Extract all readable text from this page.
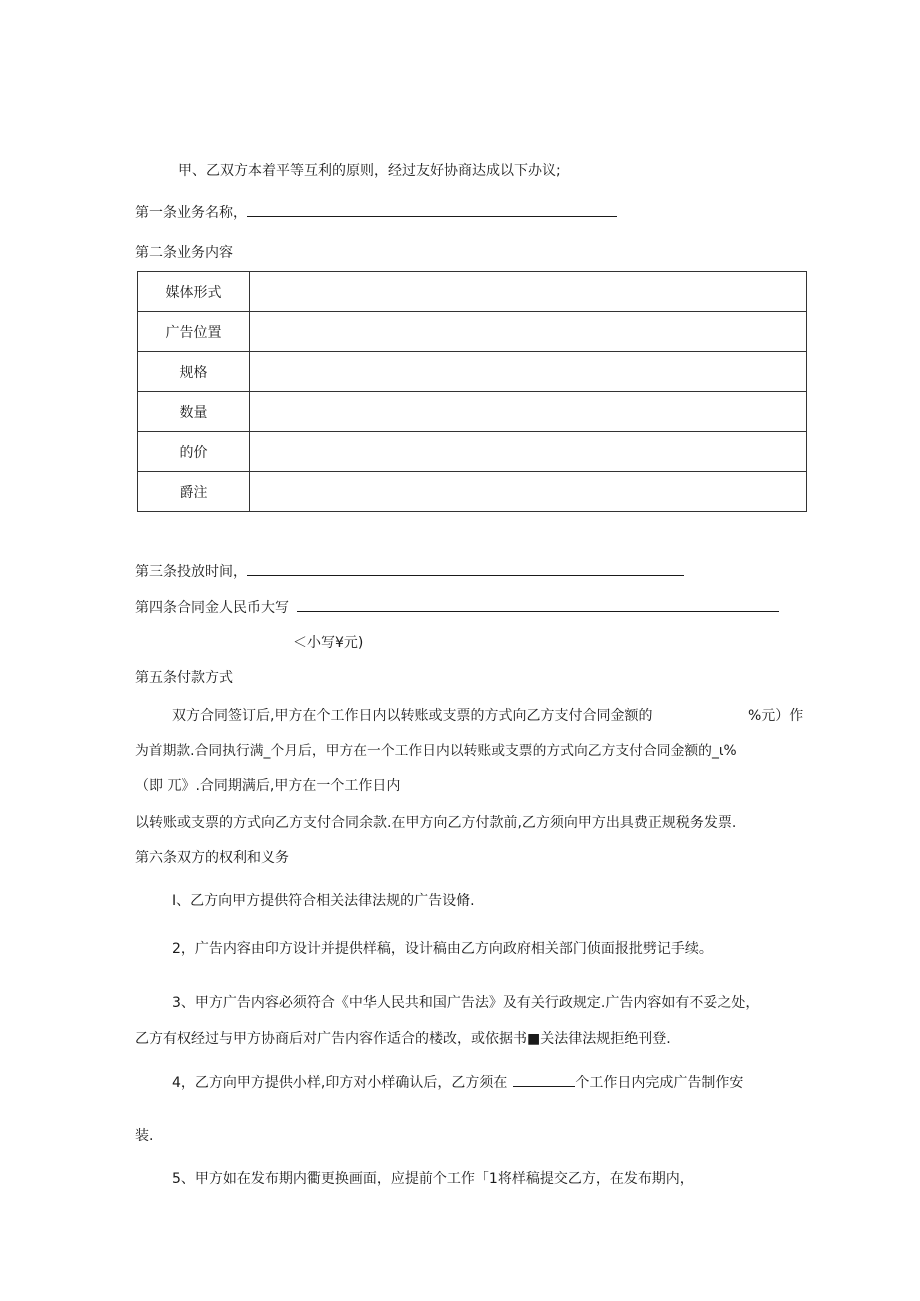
甲、乙双方本着平等互利的原则，经过友好协商达成以下办议;
第一条业务名称，
第二条业务内容
媒体形式	
广告位置	
规格	
数量	
的价	
爵注	
第三条投放时间，
第四条合同金人民币大写
＜小写¥元)
第五条付款方式
双方合同签订后,甲方在个工作日内以转账或支票的方式向乙方支付合同金额的	%元）作
为首期款.合同执行满_个月后，甲方在一个工作日内以转账或支票的方式向乙方支付合同金额的_ι%
（即 兀》.合同期满后,甲方在一个工作日内
以转账或支票的方式向乙方支付合同余款.在甲方向乙方付款前,乙方须向甲方出具费正规税务发票.
第六条双方的权利和义务
I、乙方向甲方提供符合相关法律法规的广告设脩.
2，广告内容由印方设计并提供样稿，设计稿由乙方向政府相关部门侦面报批劈记手续。
3、甲方广告内容必须符合《中华人民共和国广告法》及有关行政规定.广告内容如有不妥之处，
乙方有权经过与甲方协商后对广告内容作适合的楼改，或依据书■关法律法规拒绝刊登.
4，乙方向甲方提供小样,印方对小样确认后，乙方须在	个工作日内完成广告制作安
装.
5、甲方如在发布期内衢更换画面，应提前个工作「1将样稿提交乙方，在发布期内，
